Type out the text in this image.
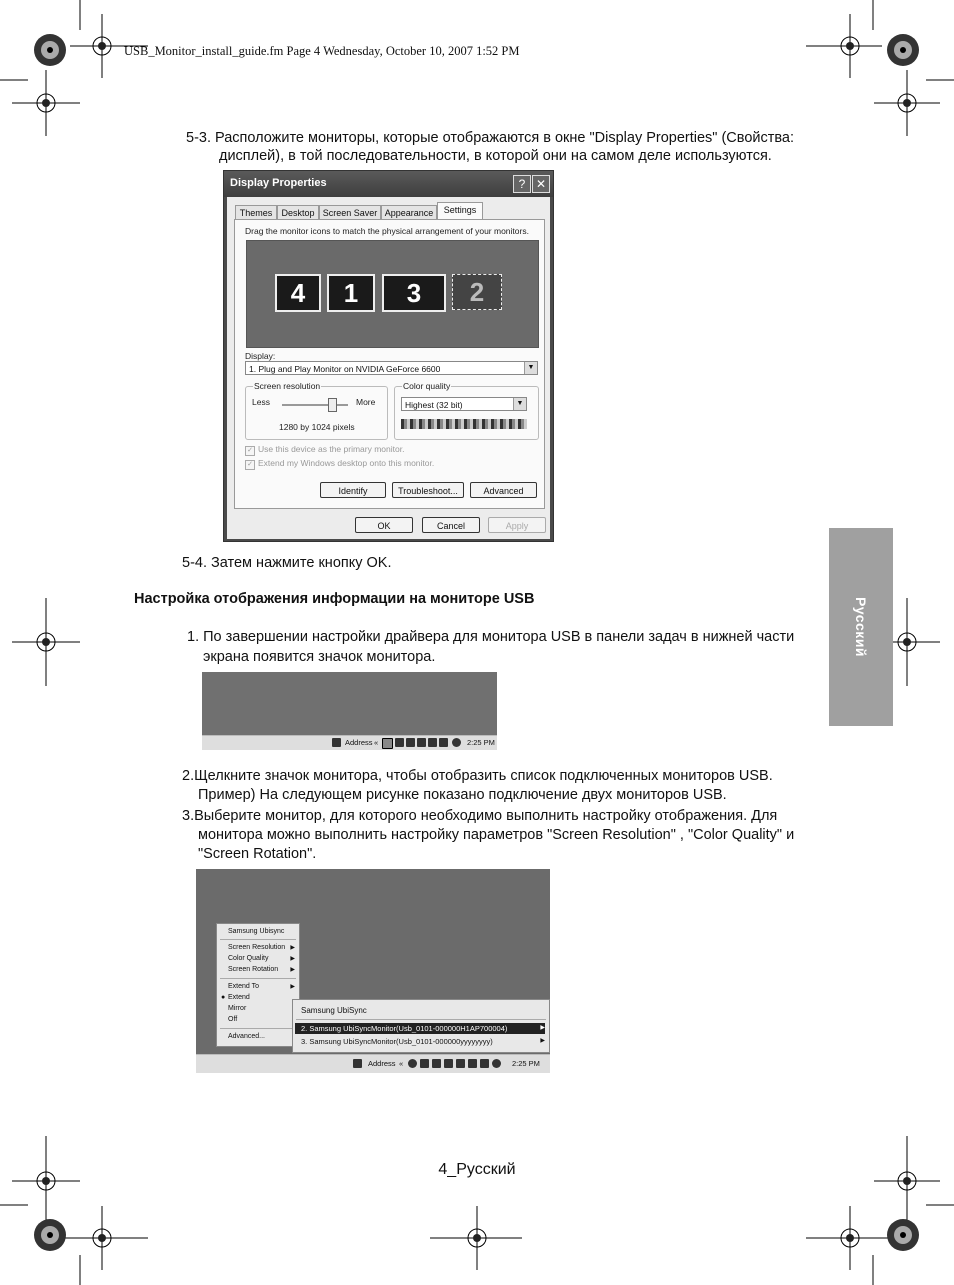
USB_Monitor_install_guide.fm Page 4 Wednesday, October 10, 2007 1:52 PM
5-3. Расположите мониторы, которые отображаются в окне "Display Properties" (Свойства:
дисплей), в той последовательности, в которой они на самом деле используются.
Display Properties	? ✕
Themes	Desktop Screen Saver Appearance	Settings
Drag the monitor icons to match the physical arrangement of your monitors.
4	1	3	2
Display:
1. Plug and Play Monitor on NVIDIA GeForce 6600	▼
Screen resolution
Less	More
1280 by 1024 pixels
Color quality
Highest (32 bit)	▼
✓ Use this device as the primary monitor.
✓ Extend my Windows desktop onto this monitor.
Identify	Troubleshoot...	Advanced
OK	Cancel	Apply
5-4. Затем нажмите кнопку OK.
Настройка отображения информации на мониторе USB
1. По завершении настройки драйвера для монитора USB в панели задач в нижней части
экрана появится значок монитора.
Address «	2:25 PM
2.Щелкните значок монитора, чтобы отобразить список подключенных мониторов USB.
Пример) На следующем рисунке показано подключение двух мониторов USB.
3.Выберите монитор, для которого необходимо выполнить настройку отображения. Для
монитора можно выполнить настройку параметров "Screen Resolution" , "Color Quality" и
"Screen Rotation".
Samsung Ubisync
Screen Resolution ▶
Color Quality	▶
Screen Rotation ▶
Extend To	▶
● Extend
Mirror
Off
Advanced...
Samsung UbiSync
2. Samsung UbiSyncMonitor(Usb_0101-000000H1AP700004)	▶
3. Samsung UbiSyncMonitor(Usb_0101-000000yyyyyyyy)	▶
Address «	2:25 PM
Русский
4_Русский
